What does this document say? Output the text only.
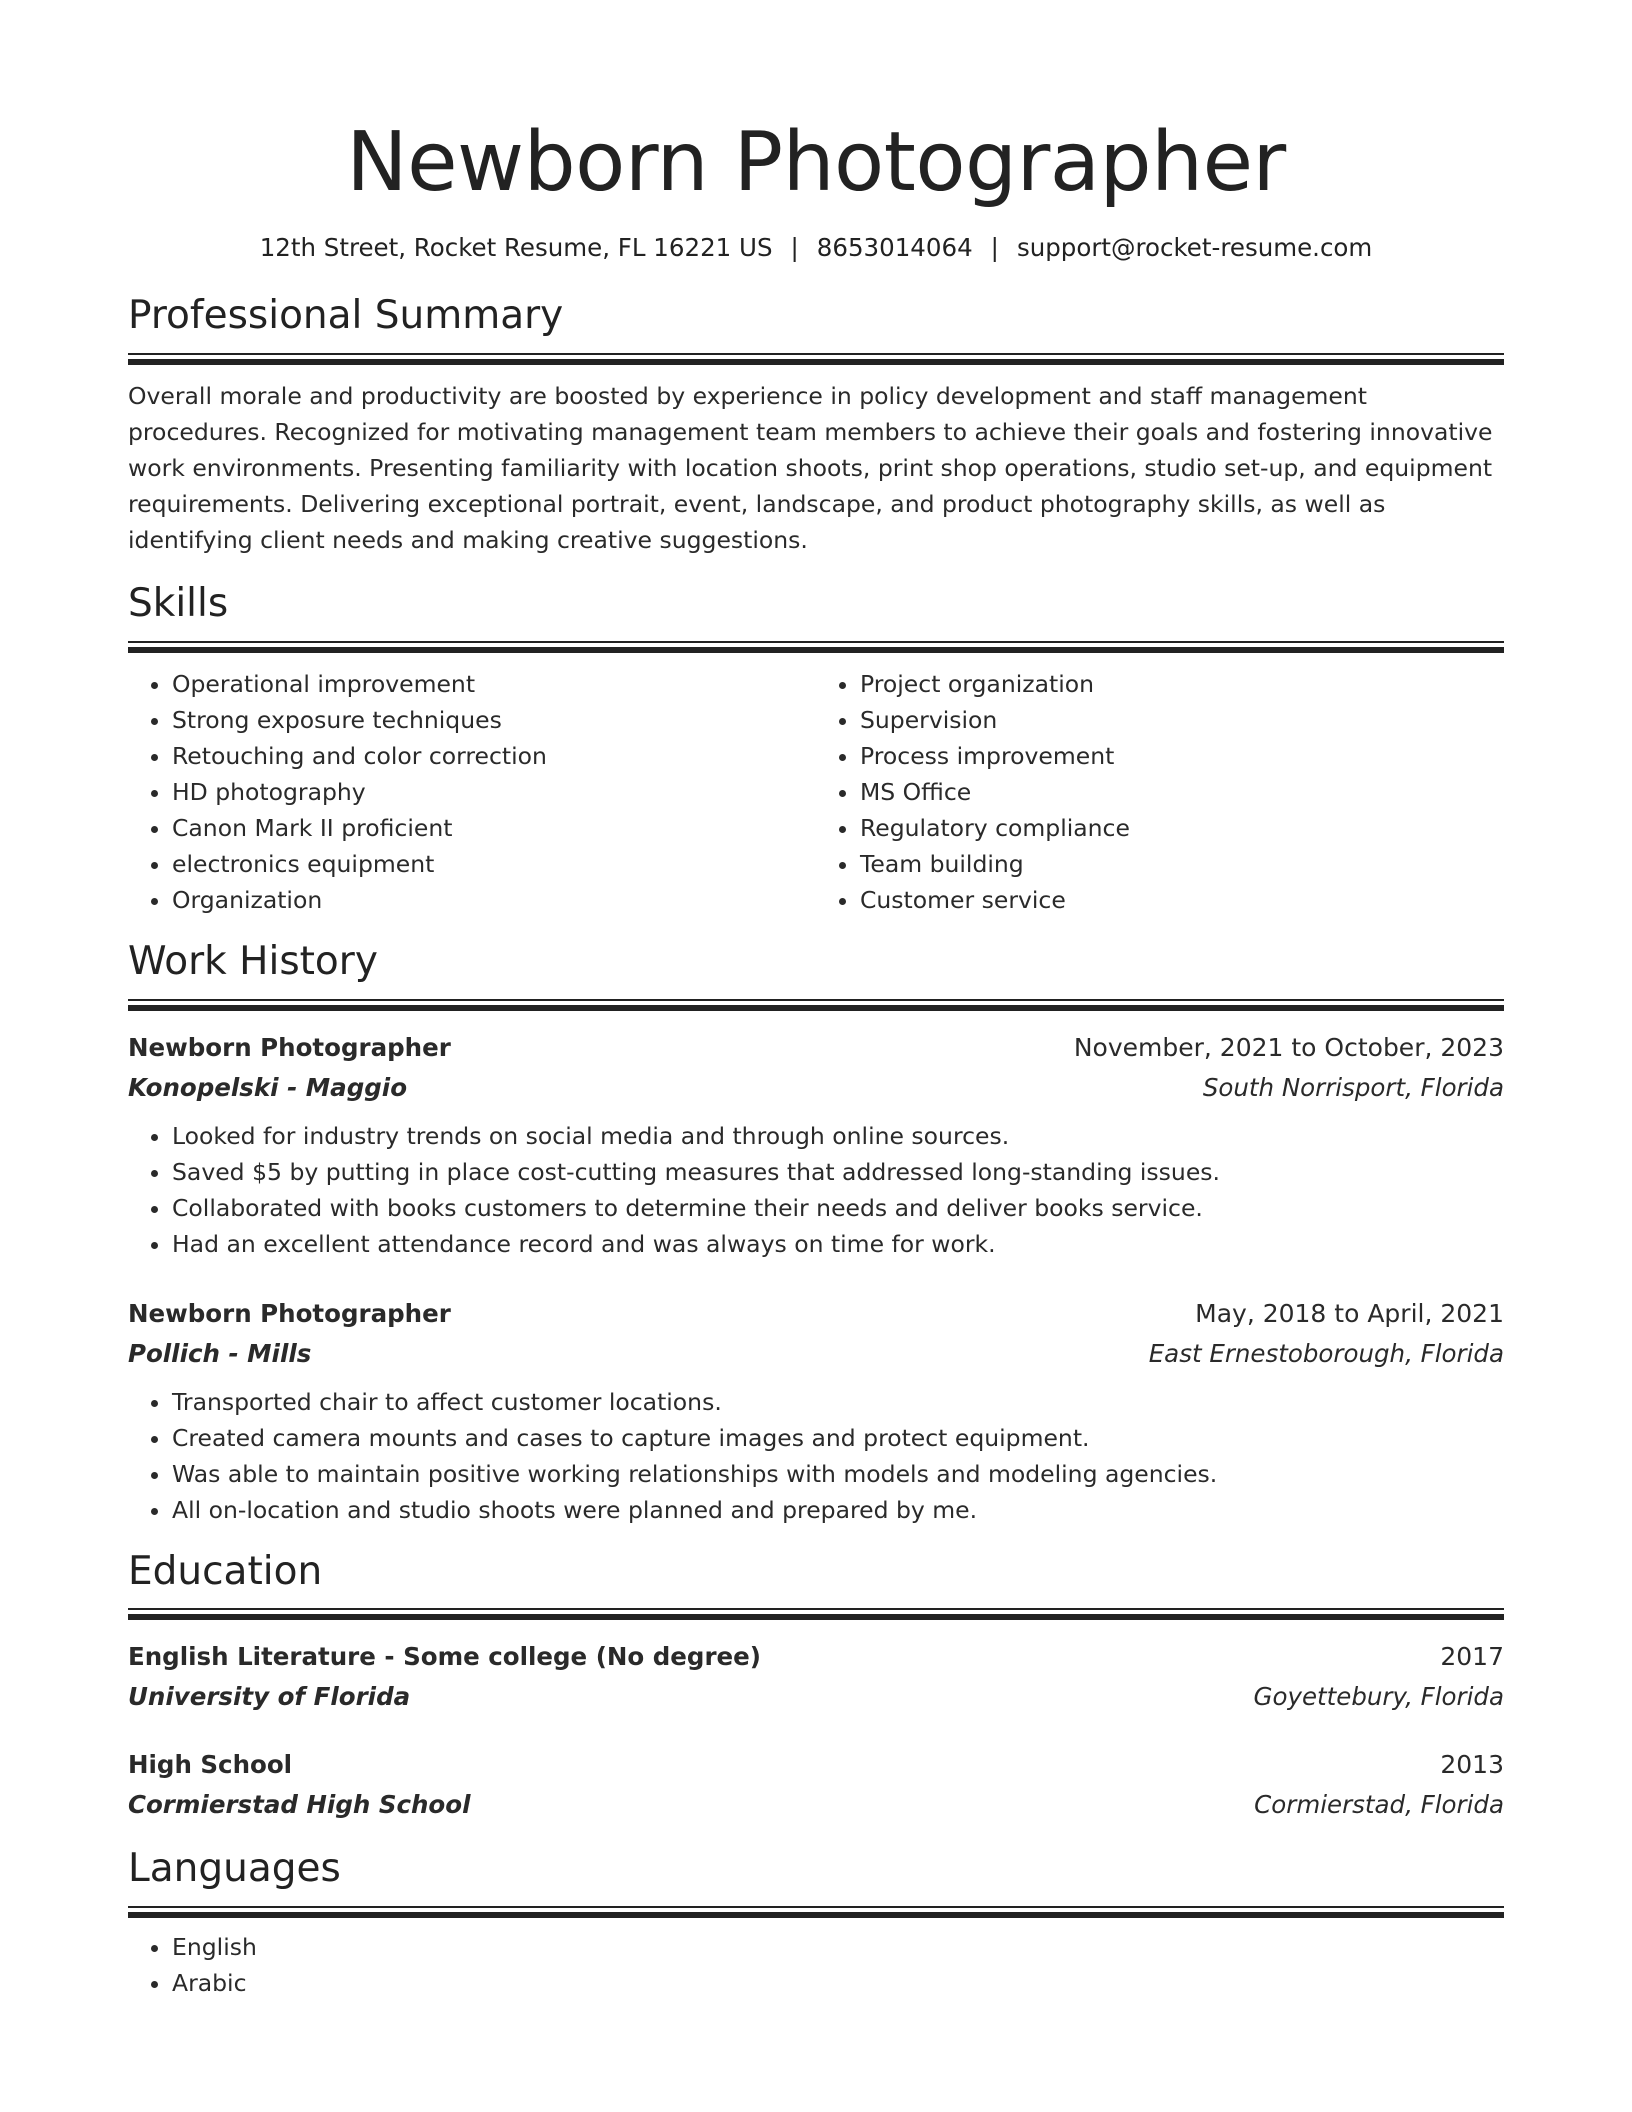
Newborn Photographer
12th Street, Rocket Resume, FL 16221 US | 8653014064 | support@rocket-resume.com
Professional Summary
Overall morale and productivity are boosted by experience in policy development and staff management procedures. Recognized for motivating management team members to achieve their goals and fostering innovative work environments. Presenting familiarity with location shoots, print shop operations, studio set-up, and equipment requirements. Delivering exceptional portrait, event, landscape, and product photography skills, as well as identifying client needs and making creative suggestions.
Skills
• Operational improvement
• Strong exposure techniques
• Retouching and color correction
• HD photography
• Canon Mark II proficient
• electronics equipment
• Organization
• Project organization
• Supervision
• Process improvement
• MS Office
• Regulatory compliance
• Team building
• Customer service
Work History
Newborn Photographer	November, 2021 to October, 2023
Konopelski - Maggio	South Norrisport, Florida
• Looked for industry trends on social media and through online sources.
• Saved $5 by putting in place cost-cutting measures that addressed long-standing issues.
• Collaborated with books customers to determine their needs and deliver books service.
• Had an excellent attendance record and was always on time for work.
Newborn Photographer	May, 2018 to April, 2021
Pollich - Mills	East Ernestoborough, Florida
• Transported chair to affect customer locations.
• Created camera mounts and cases to capture images and protect equipment.
• Was able to maintain positive working relationships with models and modeling agencies.
• All on-location and studio shoots were planned and prepared by me.
Education
English Literature - Some college (No degree)	2017
University of Florida	Goyettebury, Florida
High School	2013
Cormierstad High School	Cormierstad, Florida
Languages
• English
• Arabic
